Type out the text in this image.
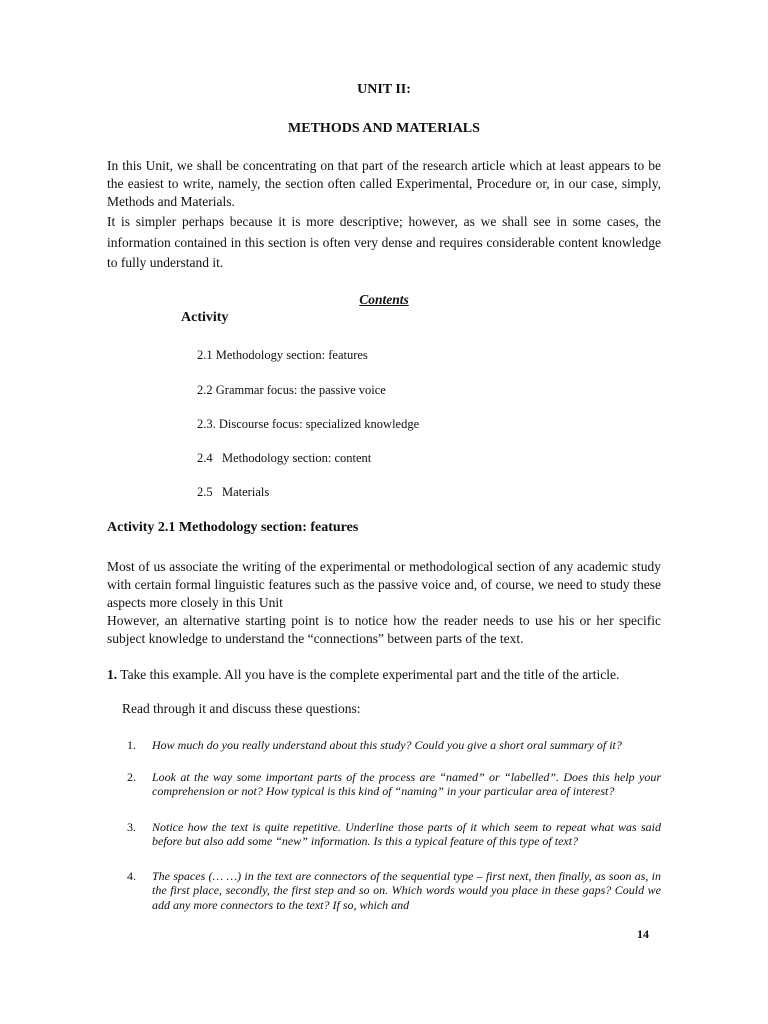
UNIT II:
METHODS AND MATERIALS
In this Unit, we shall be concentrating on that part of the research article which at least appears to be the easiest to write, namely, the section often called Experimental, Procedure or, in our case, simply, Methods and Materials.
It is simpler perhaps because it is more descriptive; however, as we shall see in some cases, the information contained in this section is often very dense and requires considerable content knowledge to fully understand it.
Contents
Activity
2.1 Methodology section: features
2.2 Grammar focus: the passive voice
2.3. Discourse focus: specialized knowledge
2.4   Methodology section: content
2.5   Materials
Activity 2.1 Methodology section: features
Most of us associate the writing of the experimental or methodological section of any academic study with certain formal linguistic features such as the passive voice and, of course, we need to study these aspects more closely in this Unit
However, an alternative starting point is to notice how the reader needs to use his or her specific subject knowledge to understand the “connections” between parts of the text.
1. Take this example. All you have is the complete experimental part and the title of the article.
Read through it and discuss these questions:
1.	How much do you really understand about this study? Could you give a short oral summary of it?
2.	Look at the way some important parts of the process are “named” or “labelled”. Does this help your comprehension or not? How typical is this kind of “naming” in your particular area of interest?
3.	Notice how the text is quite repetitive. Underline those parts of it which seem to repeat what was said before but also add some “new” information. Is this a typical feature of this type of text?
4.	The spaces (… …) in the text are connectors of the sequential type – first next, then finally, as soon as, in the first place, secondly, the first step and so on. Which words would you place in these gaps? Could we add any more connectors to the text? If so, which and
14
